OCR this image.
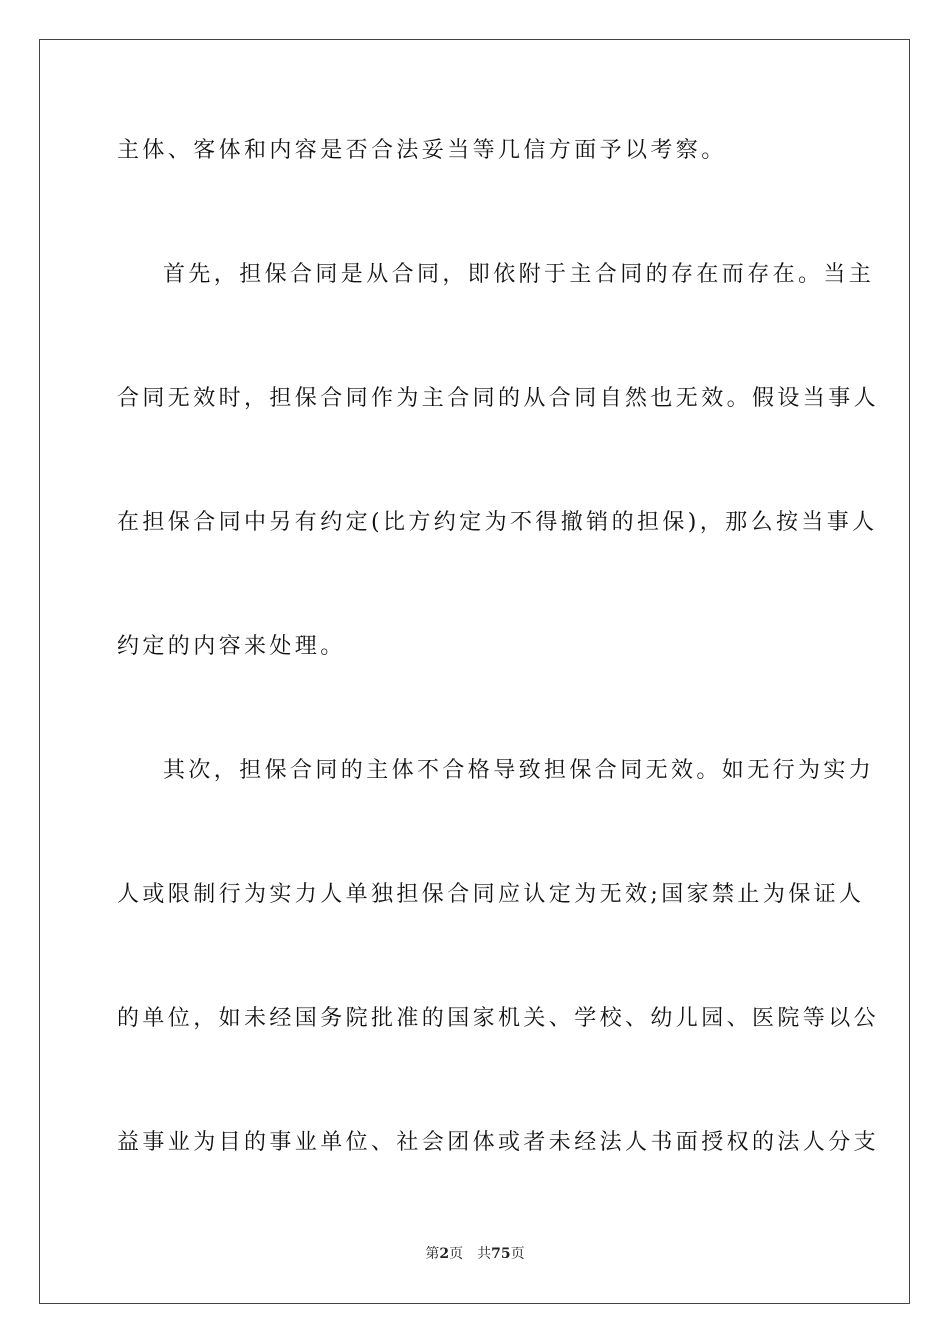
主体、客体和内容是否合法妥当等几信方面予以考察。
首先，担保合同是从合同，即依附于主合同的存在而存在。当主
合同无效时，担保合同作为主合同的从合同自然也无效。假设当事人
在担保合同中另有约定(比方约定为不得撤销的担保)，那么按当事人
约定的内容来处理。
其次，担保合同的主体不合格导致担保合同无效。如无行为实力
人或限制行为实力人单独担保合同应认定为无效;国家禁止为保证人
的单位，如未经国务院批准的国家机关、学校、幼儿园、医院等以公
益事业为目的事业单位、社会团体或者未经法人书面授权的法人分支
第2页 共75页
